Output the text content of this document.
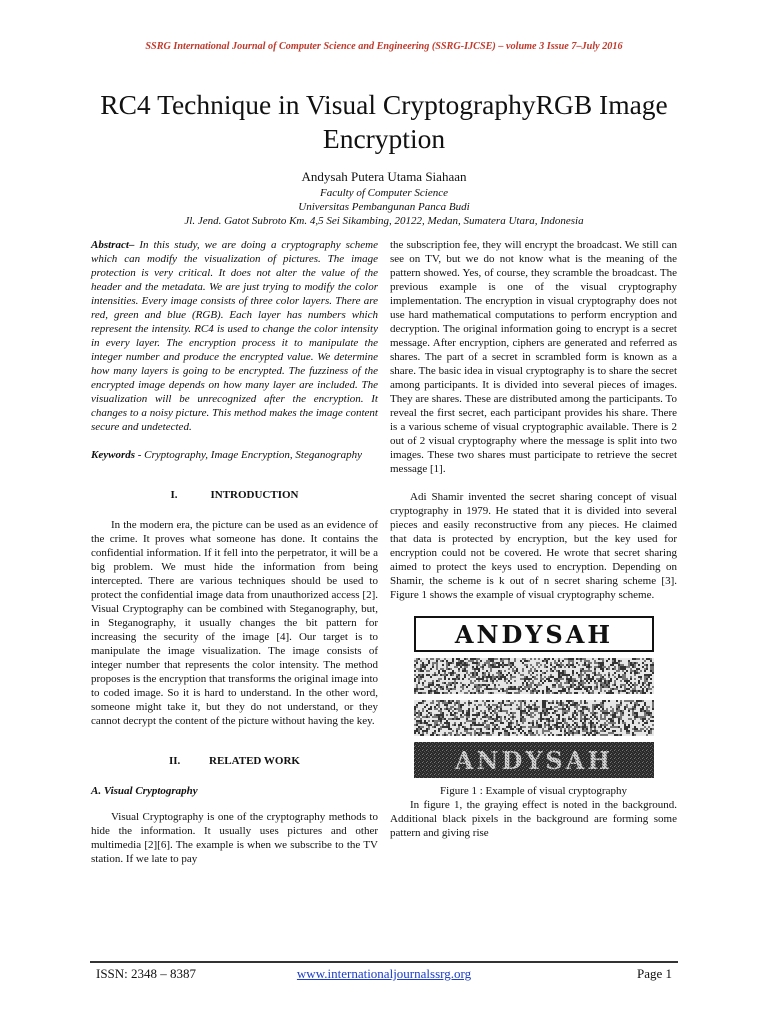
SSRG International Journal of Computer Science and Engineering (SSRG-IJCSE) – volume 3 Issue 7–July 2016
RC4 Technique in Visual CryptographyRGB Image Encryption
Andysah Putera Utama Siahaan
Faculty of Computer Science
Universitas Pembangunan Panca Budi
Jl. Jend. Gatot Subroto Km. 4,5 Sei Sikambing, 20122, Medan, Sumatera Utara, Indonesia

Abstract– In this study, we are doing a cryptography scheme which can modify the visualization of pictures. The image protection is very critical. It does not alter the value of the header and the metadata. We are just trying to modify the color intensities. Every image consists of three color layers. There are red, green and blue (RGB). Each layer has numbers which represent the intensity. RC4 is used to change the color intensity in every layer. The encryption process it to manipulate the integer number and produce the encrypted value. We determine how many layers is going to be encrypted. The fuzziness of the encrypted image depends on how many layer are included. The visualization will be unrecognized after the encryption. It changes to a noisy picture. This method makes the image content secure and undetected.

Keywords - Cryptography, Image Encryption, Steganography

I.	INTRODUCTION

In the modern era, the picture can be used as an evidence of the crime. It proves what someone has done. It contains the confidential information. If it fell into the perpetrator, it will be a big problem. We must hide the information from being intercepted. There are various techniques should be used to protect the confidential image data from unauthorized access [2]. Visual Cryptography can be combined with Steganography, but, in Steganography, it usually changes the bit pattern for increasing the security of the image [4]. Our target is to manipulate the image visualization. The image consists of integer number that represents the color intensity. The method proposes is the encryption that transforms the original image into to coded image. So it is hard to understand. In the other word, someone might take it, but they do not understand, or they cannot decrypt the content of the picture without having the key.

II.	RELATED WORK

A. Visual Cryptography

Visual Cryptography is one of the cryptography methods to hide the information. It usually uses pictures and other multimedia [2][6]. The example is when we subscribe to the TV station. If we late to pay

the subscription fee, they will encrypt the broadcast. We still can see on TV, but we do not know what is the meaning of the pattern showed. Yes, of course, they scramble the broadcast. The previous example is one of the visual cryptography implementation. The encryption in visual cryptography does not use hard mathematical computations to perform encryption and decryption. The original information going to encrypt is a secret message. After encryption, ciphers are generated and referred as shares. The part of a secret in scrambled form is known as a share. The basic idea in visual cryptography is to share the secret among participants. It is divided into several pieces of images. They are shares. These are distributed among the participants. To reveal the first secret, each participant provides his share. There is a various scheme of visual cryptographic available. There is 2 out of 2 visual cryptography where the message is split into two images. These two shares must participate to retrieve the secret message [1].

Adi Shamir invented the secret sharing concept of visual cryptography in 1979. He stated that it is divided into several pieces and easily reconstructive from any pieces. He claimed that data is protected by encryption, but the key used for encryption could not be covered. He wrote that secret sharing aimed to protect the keys used to encryption. Depending on Shamir, the scheme is k out of n secret sharing scheme [3]. Figure 1 shows the example of visual cryptography scheme.

ANDYSAH
ANDYSAH

Figure 1 : Example of visual cryptography

In figure 1, the graying effect is noted in the background. Additional black pixels in the background are forming some pattern and giving rise

ISSN: 2348 – 8387	www.internationaljournalssrg.org	Page 1
